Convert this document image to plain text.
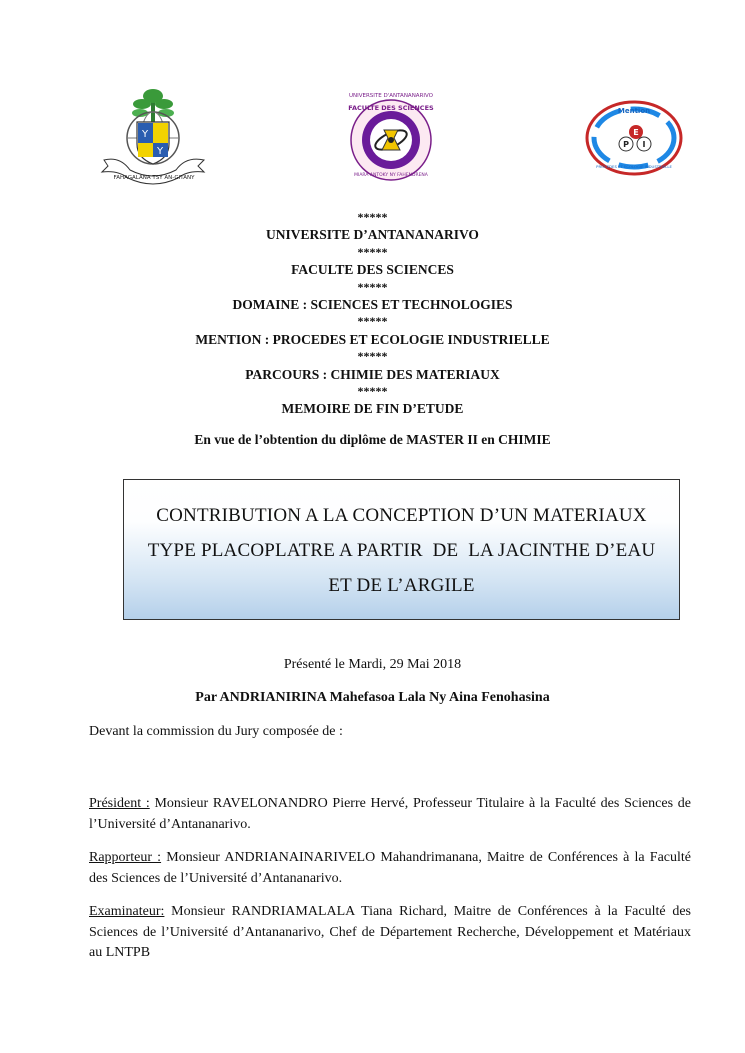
Y
Y
FAHAGALANA TSY AN-GITANY
UNIVERSITE D'ANTANANARIVO
FACULTE DES SCIENCES
MIARA ANTOKY NY FAHENDRENA
Mention
PROCEDES ET ECOLOGIE INDUSTRIELLE
P
E
I
*****
UNIVERSITE D’ANTANANARIVO
*****
FACULTE DES SCIENCES
*****
DOMAINE : SCIENCES ET TECHNOLOGIES
*****
MENTION : PROCEDES ET ECOLOGIE INDUSTRIELLE
*****
PARCOURS : CHIMIE DES MATERIAUX
*****
MEMOIRE DE FIN D’ETUDE
En vue de l’obtention du diplôme de MASTER II en CHIMIE
CONTRIBUTION A LA CONCEPTION D’UN MATERIAUX
TYPE PLACOPLATRE A PARTIR  DE  LA JACINTHE D’EAU
ET DE L’ARGILE
Présenté le Mardi, 29 Mai 2018
Par ANDRIANIRINA Mahefasoa Lala Ny Aina Fenohasina
Devant la commission du Jury composée de :
Président : Monsieur RAVELONANDRO Pierre Hervé, Professeur Titulaire à la Faculté des Sciences de l’Université d’Antananarivo.
Rapporteur : Monsieur ANDRIANAINARIVELO Mahandrimanana, Maitre de Conférences à la Faculté des Sciences de l’Université d’Antananarivo.
Examinateur: Monsieur RANDRIAMALALA Tiana Richard, Maitre de Conférences à la Faculté des Sciences de l’Université d’Antananarivo, Chef de Département Recherche, Développement et Matériaux au LNTPB
